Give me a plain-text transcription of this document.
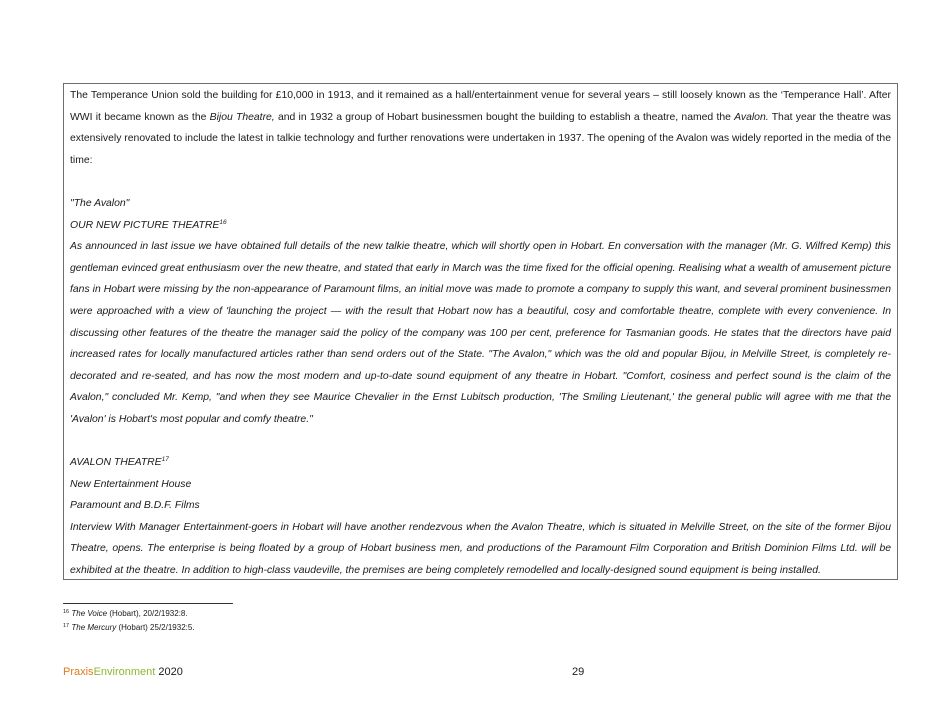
The Temperance Union sold the building for £10,000 in 1913, and it remained as a hall/entertainment venue for several years – still loosely known as the ‘Temperance Hall’. After WWI it became known as the Bijou Theatre, and in 1932 a group of Hobart businessmen bought the building to establish a theatre, named the Avalon. That year the theatre was extensively renovated to include the latest in talkie technology and further renovations were undertaken in 1937. The opening of the Avalon was widely reported in the media of the time:

"The Avalon"

OUR NEW PICTURE THEATRE$^{16}$

As announced in last issue we have obtained full details of the new talkie theatre, which will shortly open in Hobart. En conversation with the manager (Mr. G. Wilfred Kemp) this gentleman evinced great enthusiasm over the new theatre, and stated that early in March was the time fixed for the official opening. Realising what a wealth of amusement picture fans in Hobart were missing by the non-appearance of Paramount films, an initial move was made to promote a company to supply this want, and several prominent businessmen were approached with a view of 'launching the project — with the result that Hobart now has a beautiful, cosy and comfortable theatre, complete with every convenience. In discussing other features of the theatre the manager said the policy of the company was 100 per cent, preference for Tasmanian goods. He states that the directors have paid increased rates for locally manufactured articles rather than send orders out of the State. "The Avalon," which was the old and popular Bijou, in Melville Street, is completely re-decorated and re-seated, and has now the most modern and up-to-date sound equipment of any theatre in Hobart. "Comfort, cosiness and perfect sound is the claim of the Avalon," concluded Mr. Kemp, "and when they see Maurice Chevalier in the Ernst Lubitsch production, 'The Smiling Lieutenant,' the general public will agree with me that the 'Avalon' is Hobart's most popular and comfy theatre."

AVALON THEATRE$^{17}$

New Entertainment House

Paramount and B.D.F. Films

Interview With Manager Entertainment-goers in Hobart will have another rendezvous when the Avalon Theatre, which is situated in Melville Street, on the site of the former Bijou Theatre, opens. The enterprise is being floated by a group of Hobart business men, and productions of the Paramount Film Corporation and British Dominion Films Ltd. will be exhibited at the theatre. In addition to high-class vaudeville, the premises are being completely remodelled and locally-designed sound equipment is being installed.

$^{16}$ The Voice (Hobart), 20/2/1932:8.
$^{17}$ The Mercury (Hobart) 25/2/1932:5.
PraxisEnvironment 2020	29
